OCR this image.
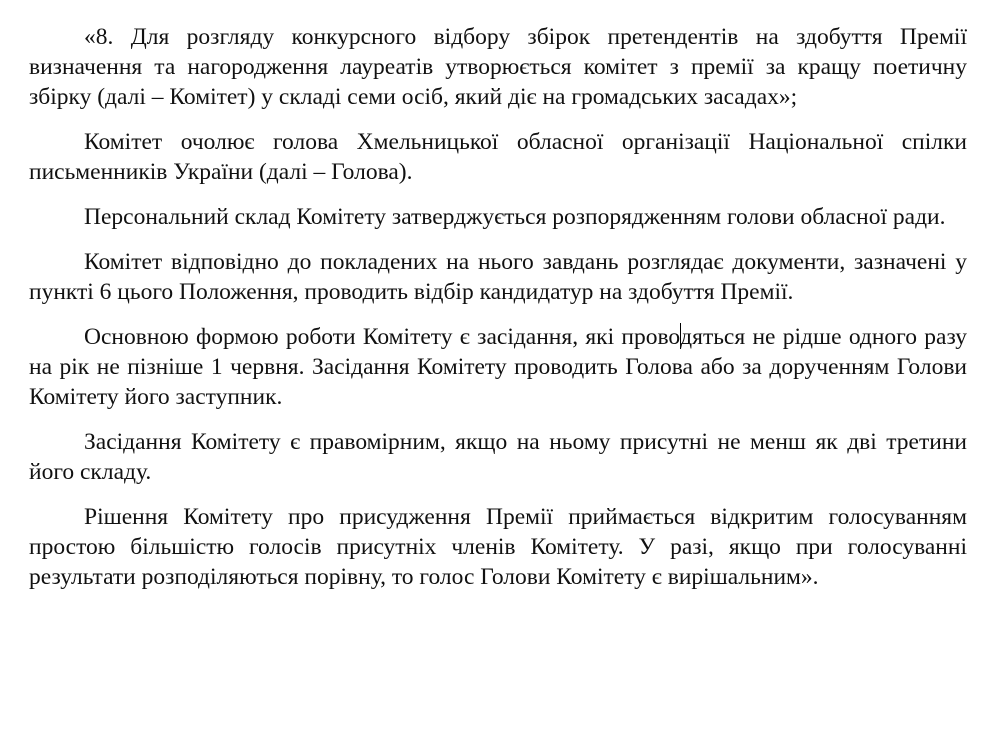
«8. Для розгляду конкурсного відбору збірок претендентів на здобуття Премії визначення та нагородження лауреатів утворюється комітет з премії за кращу поетичну збірку (далі – Комітет) у складі семи осіб, який діє на громадських засадах»;

Комітет очолює голова Хмельницької обласної організації Національної спілки письменників України (далі – Голова).

Персональний склад Комітету затверджується розпорядженням голови обласної ради.

Комітет відповідно до покладених на нього завдань розглядає документи, зазначені у пункті 6 цього Положення, проводить відбір кандидатур на здобуття Премії.

Основною формою роботи Комітету є засідання, які проводяться не рідше одного разу на рік не пізніше 1 червня. Засідання Комітету проводить Голова або за дорученням Голови Комітету його заступник.

Засідання Комітету є правомірним, якщо на ньому присутні не менш як дві третини його складу.

Рішення Комітету про присудження Премії приймається відкритим голосуванням простою більшістю голосів присутніх членів Комітету. У разі, якщо при голосуванні результати розподіляються порівну, то голос Голови Комітету є вирішальним».
